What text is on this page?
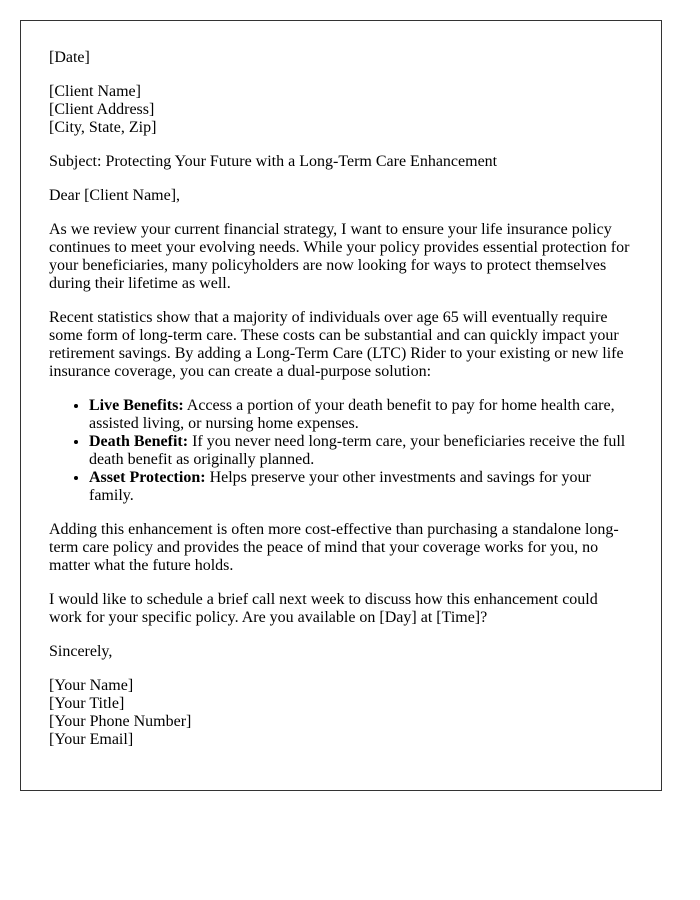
[Date]

[Client Name]
[Client Address]
[City, State, Zip]

Subject: Protecting Your Future with a Long-Term Care Enhancement

Dear [Client Name],

As we review your current financial strategy, I want to ensure your life insurance policy continues to meet your evolving needs. While your policy provides essential protection for your beneficiaries, many policyholders are now looking for ways to protect themselves during their lifetime as well.

Recent statistics show that a majority of individuals over age 65 will eventually require some form of long-term care. These costs can be substantial and can quickly impact your retirement savings. By adding a Long-Term Care (LTC) Rider to your existing or new life insurance coverage, you can create a dual-purpose solution:

• Live Benefits: Access a portion of your death benefit to pay for home health care, assisted living, or nursing home expenses.
• Death Benefit: If you never need long-term care, your beneficiaries receive the full death benefit as originally planned.
• Asset Protection: Helps preserve your other investments and savings for your family.

Adding this enhancement is often more cost-effective than purchasing a standalone long-term care policy and provides the peace of mind that your coverage works for you, no matter what the future holds.

I would like to schedule a brief call next week to discuss how this enhancement could work for your specific policy. Are you available on [Day] at [Time]?

Sincerely,

[Your Name]
[Your Title]
[Your Phone Number]
[Your Email]
